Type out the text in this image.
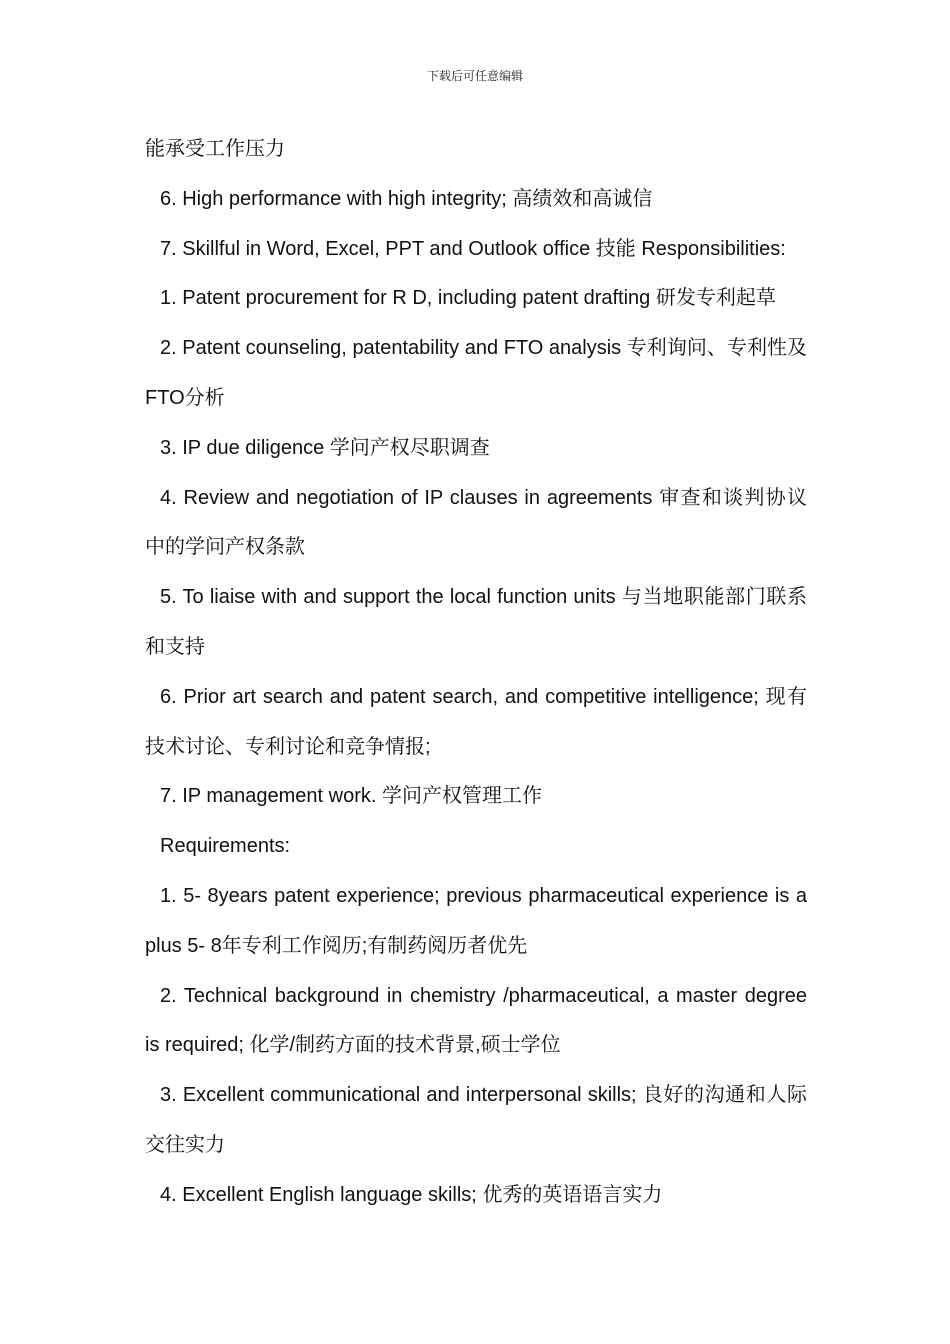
下载后可任意编辑

能承受工作压力

6. High performance with high integrity; 高绩效和高诚信

7. Skillful in Word, Excel, PPT and Outlook office 技能 Responsibilities:

1. Patent procurement for R D, including patent drafting 研发专利起草

2. Patent counseling, patentability and FTO analysis 专利询问、专利性及FTO分析

3. IP due diligence 学问产权尽职调查

4. Review and negotiation of IP clauses in agreements 审查和谈判协议中的学问产权条款

5. To liaise with and support the local function units 与当地职能部门联系和支持

6. Prior art search and patent search, and competitive intelligence; 现有技术讨论、专利讨论和竞争情报;

7. IP management work. 学问产权管理工作

Requirements:

1. 5- 8years patent experience; previous pharmaceutical experience is a plus 5- 8年专利工作阅历;有制药阅历者优先

2. Technical background in chemistry /pharmaceutical, a master degree is required; 化学/制药方面的技术背景,硕士学位

3. Excellent communicational and interpersonal skills; 良好的沟通和人际交往实力

4. Excellent English language skills; 优秀的英语语言实力
